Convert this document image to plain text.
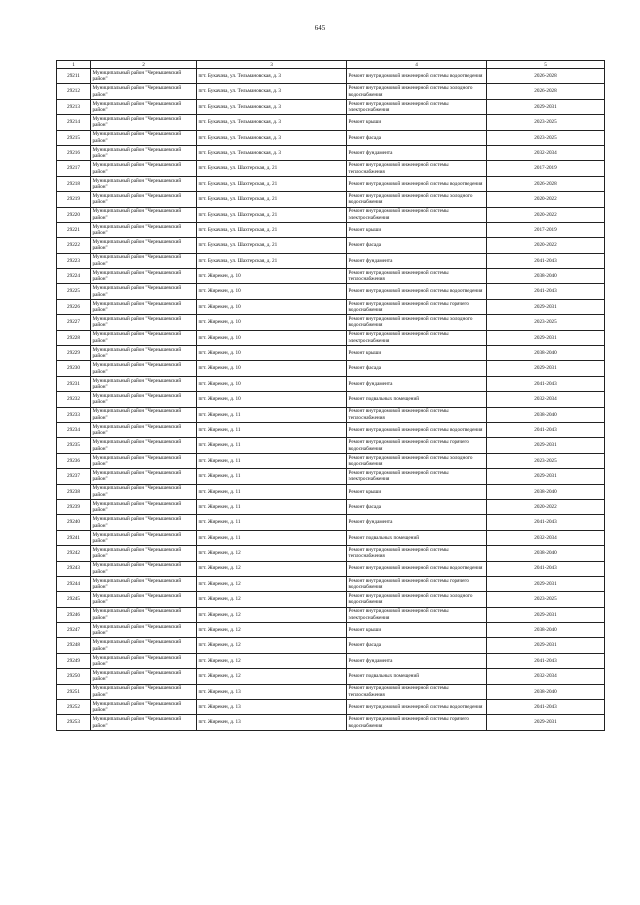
645
1	2	3	4	5
29211	Муниципальный район "Чернышевский район"	пгт. Букачача, ул. Тельмановская, д. 3	Ремонт внутридомовой инженерной системы водоотведения	2026-2028
29212	Муниципальный район "Чернышевский район"	пгт. Букачача, ул. Тельмановская, д. 3	Ремонт внутридомовой инженерной системы холодного водоснабжения	2026-2028
29213	Муниципальный район "Чернышевский район"	пгт. Букачача, ул. Тельмановская, д. 3	Ремонт внутридомовой инженерной системы электроснабжения	2029-2031
29214	Муниципальный район "Чернышевский район"	пгт. Букачача, ул. Тельмановская, д. 3	Ремонт крыши	2023-2025
29215	Муниципальный район "Чернышевский район"	пгт. Букачача, ул. Тельмановская, д. 3	Ремонт фасада	2023-2025
29216	Муниципальный район "Чернышевский район"	пгт. Букачача, ул. Тельмановская, д. 3	Ремонт фундамента	2032-2034
29217	Муниципальный район "Чернышевский район"	пгт. Букачача, ул. Шахтерская, д. 21	Ремонт внутридомовой инженерной системы теплоснабжения	2017-2019
29218	Муниципальный район "Чернышевский район"	пгт. Букачача, ул. Шахтерская, д. 21	Ремонт внутридомовой инженерной системы водоотведения	2026-2028
29219	Муниципальный район "Чернышевский район"	пгт. Букачача, ул. Шахтерская, д. 21	Ремонт внутридомовой инженерной системы холодного водоснабжения	2020-2022
29220	Муниципальный район "Чернышевский район"	пгт. Букачача, ул. Шахтерская, д. 21	Ремонт внутридомовой инженерной системы электроснабжения	2020-2022
29221	Муниципальный район "Чернышевский район"	пгт. Букачача, ул. Шахтерская, д. 21	Ремонт крыши	2017-2019
29222	Муниципальный район "Чернышевский район"	пгт. Букачача, ул. Шахтерская, д. 21	Ремонт фасада	2020-2022
29223	Муниципальный район "Чернышевский район"	пгт. Букачача, ул. Шахтерская, д. 21	Ремонт фундамента	2041-2043
29224	Муниципальный район "Чернышевский район"	пгт. Жирекен, д. 10	Ремонт внутридомовой инженерной системы теплоснабжения	2038-2040
29225	Муниципальный район "Чернышевский район"	пгт. Жирекен, д. 10	Ремонт внутридомовой инженерной системы водоотведения	2041-2043
29226	Муниципальный район "Чернышевский район"	пгт. Жирекен, д. 10	Ремонт внутридомовой инженерной системы горячего водоснабжения	2029-2031
29227	Муниципальный район "Чернышевский район"	пгт. Жирекен, д. 10	Ремонт внутридомовой инженерной системы холодного водоснабжения	2023-2025
29228	Муниципальный район "Чернышевский район"	пгт. Жирекен, д. 10	Ремонт внутридомовой инженерной системы электроснабжения	2029-2031
29229	Муниципальный район "Чернышевский район"	пгт. Жирекен, д. 10	Ремонт крыши	2038-2040
29230	Муниципальный район "Чернышевский район"	пгт. Жирекен, д. 10	Ремонт фасада	2029-2031
29231	Муниципальный район "Чернышевский район"	пгт. Жирекен, д. 10	Ремонт фундамента	2041-2043
29232	Муниципальный район "Чернышевский район"	пгт. Жирекен, д. 10	Ремонт подвальных помещений	2032-2034
29233	Муниципальный район "Чернышевский район"	пгт. Жирекен, д. 11	Ремонт внутридомовой инженерной системы теплоснабжения	2038-2040
29234	Муниципальный район "Чернышевский район"	пгт. Жирекен, д. 11	Ремонт внутридомовой инженерной системы водоотведения	2041-2043
29235	Муниципальный район "Чернышевский район"	пгт. Жирекен, д. 11	Ремонт внутридомовой инженерной системы горячего водоснабжения	2029-2031
29236	Муниципальный район "Чернышевский район"	пгт. Жирекен, д. 11	Ремонт внутридомовой инженерной системы холодного водоснабжения	2023-2025
29237	Муниципальный район "Чернышевский район"	пгт. Жирекен, д. 11	Ремонт внутридомовой инженерной системы электроснабжения	2029-2031
29238	Муниципальный район "Чернышевский район"	пгт. Жирекен, д. 11	Ремонт крыши	2038-2040
29239	Муниципальный район "Чернышевский район"	пгт. Жирекен, д. 11	Ремонт фасада	2020-2022
29240	Муниципальный район "Чернышевский район"	пгт. Жирекен, д. 11	Ремонт фундамента	2041-2043
29241	Муниципальный район "Чернышевский район"	пгт. Жирекен, д. 11	Ремонт подвальных помещений	2032-2034
29242	Муниципальный район "Чернышевский район"	пгт. Жирекен, д. 12	Ремонт внутридомовой инженерной системы теплоснабжения	2038-2040
29243	Муниципальный район "Чернышевский район"	пгт. Жирекен, д. 12	Ремонт внутридомовой инженерной системы водоотведения	2041-2043
29244	Муниципальный район "Чернышевский район"	пгт. Жирекен, д. 12	Ремонт внутридомовой инженерной системы горячего водоснабжения	2029-2031
29245	Муниципальный район "Чернышевский район"	пгт. Жирекен, д. 12	Ремонт внутридомовой инженерной системы холодного водоснабжения	2023-2025
29246	Муниципальный район "Чернышевский район"	пгт. Жирекен, д. 12	Ремонт внутридомовой инженерной системы электроснабжения	2029-2031
29247	Муниципальный район "Чернышевский район"	пгт. Жирекен, д. 12	Ремонт крыши	2038-2040
29248	Муниципальный район "Чернышевский район"	пгт. Жирекен, д. 12	Ремонт фасада	2029-2031
29249	Муниципальный район "Чернышевский район"	пгт. Жирекен, д. 12	Ремонт фундамента	2041-2043
29250	Муниципальный район "Чернышевский район"	пгт. Жирекен, д. 12	Ремонт подвальных помещений	2032-2034
29251	Муниципальный район "Чернышевский район"	пгт. Жирекен, д. 13	Ремонт внутридомовой инженерной системы теплоснабжения	2038-2040
29252	Муниципальный район "Чернышевский район"	пгт. Жирекен, д. 13	Ремонт внутридомовой инженерной системы водоотведения	2041-2043
29253	Муниципальный район "Чернышевский район"	пгт. Жирекен, д. 13	Ремонт внутридомовой инженерной системы горячего водоснабжения	2029-2031
